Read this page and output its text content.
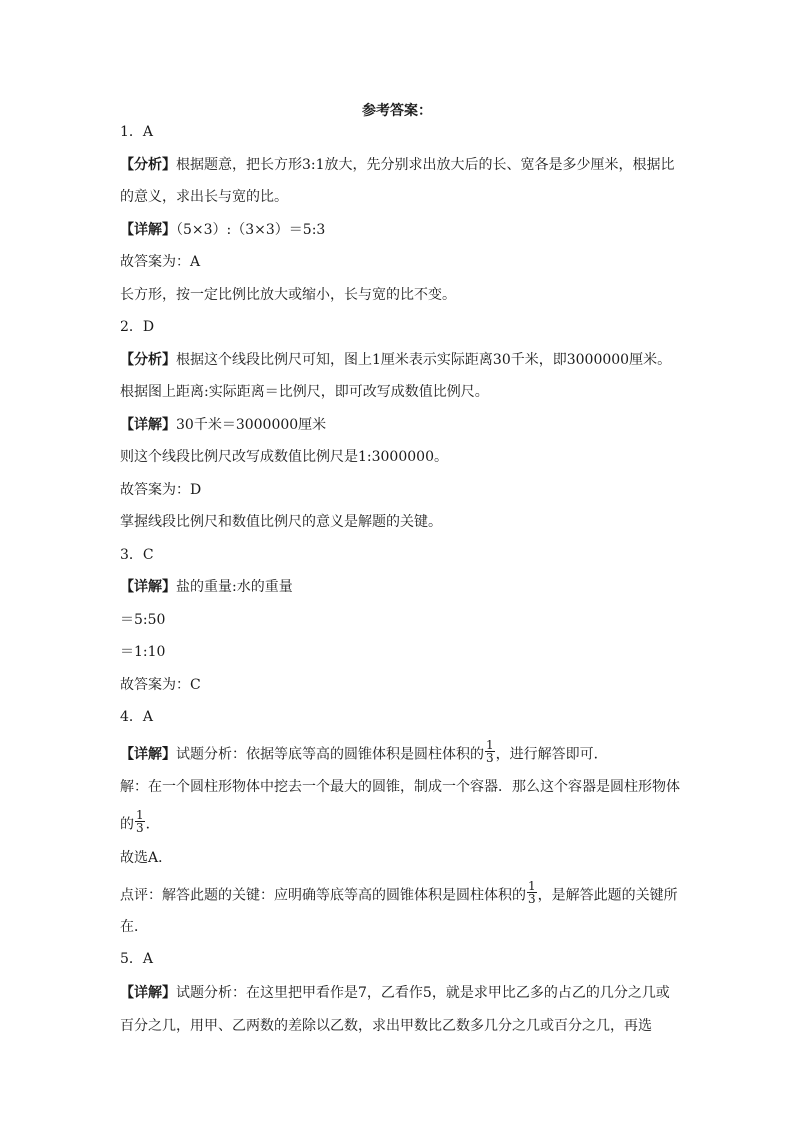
参考答案：
1．A
【分析】根据题意，把长方形3:1放大，先分别求出放大后的长、宽各是多少厘米，根据比
的意义，求出长与宽的比。
【详解】（5×3）:（3×3）＝5:3
故答案为：A
长方形，按一定比例比放大或缩小，长与宽的比不变。
2．D
【分析】根据这个线段比例尺可知，图上1厘米表示实际距离30千米，即3000000厘米。
根据图上距离:实际距离＝比例尺，即可改写成数值比例尺。
【详解】30千米＝3000000厘米
则这个线段比例尺改写成数值比例尺是1:3000000。
故答案为：D
掌握线段比例尺和数值比例尺的意义是解题的关键。
3．C
【详解】盐的重量:水的重量
＝5:50
＝1:10
故答案为：C
4．A
【详解】试题分析：依据等底等高的圆锥体积是圆柱体积的 $\frac{1}{3}$ ，进行解答即可．
解：在一个圆柱形物体中挖去一个最大的圆锥，制成一个容器．那么这个容器是圆柱形物体
的 $\frac{1}{3}$ ．
故选A．
点评：解答此题的关键：应明确等底等高的圆锥体积是圆柱体积的 $\frac{1}{3}$ ，是解答此题的关键所
在．
5．A
【详解】试题分析：在这里把甲看作是7，乙看作5，就是求甲比乙多的占乙的几分之几或
百分之几，用甲、乙两数的差除以乙数，求出甲数比乙数多几分之几或百分之几，再选
